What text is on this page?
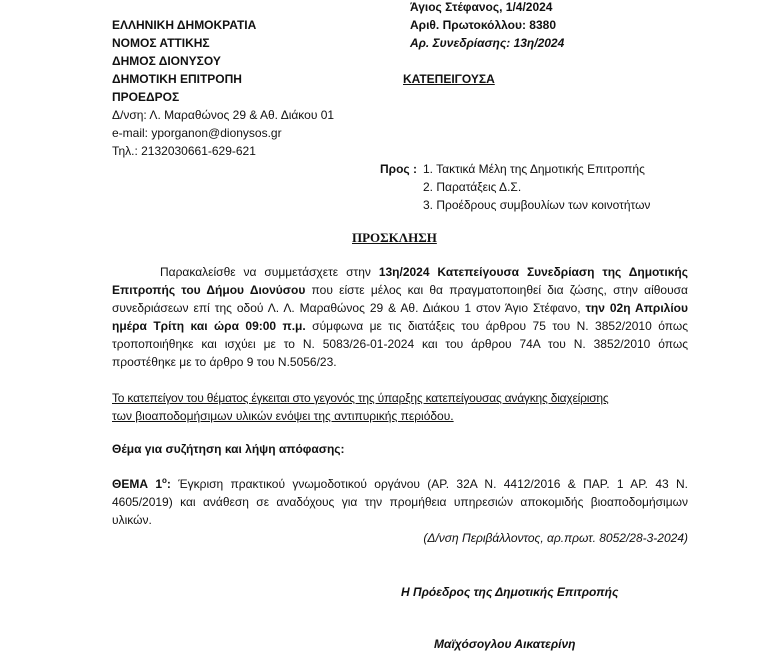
ΕΛΛΗΝΙΚΗ ΔΗΜΟΚΡΑΤΙΑ
ΝΟΜΟΣ ΑΤΤΙΚΗΣ
ΔΗΜΟΣ ΔΙΟΝΥΣΟΥ
ΔΗΜΟΤΙΚΗ ΕΠΙΤΡΟΠΗ
ΠΡΟΕΔΡΟΣ
Δ/νση: Λ. Μαραθώνος 29 & Αθ. Διάκου 01
e-mail: yporganon@dionysos.gr
Τηλ.: 2132030661-629-621
Άγιος Στέφανος, 1/4/2024
Αριθ. Πρωτοκόλλου: 8380
Αρ. Συνεδρίασης: 13η/2024
ΚΑΤΕΠΕΙΓΟΥΣΑ
Προς : 1. Τακτικά Μέλη της Δημοτικής Επιτροπής
2. Παρατάξεις Δ.Σ.
3. Προέδρους συμβουλίων των κοινοτήτων
ΠΡΟΣΚΛΗΣΗ
Παρακαλείσθε να συμμετάσχετε στην 13η/2024 Κατεπείγουσα Συνεδρίαση της Δημοτικής Επιτροπής του Δήμου Διονύσου που είστε μέλος και θα πραγματοποιηθεί δια ζώσης, στην αίθουσα συνεδριάσεων επί της οδού Λ. Λ. Μαραθώνος 29 & Αθ. Διάκου 1 στον Άγιο Στέφανο, την 02η Απριλίου ημέρα Τρίτη και ώρα 09:00 π.μ. σύμφωνα με τις διατάξεις του άρθρου 75 του Ν. 3852/2010 όπως τροποποιήθηκε και ισχύει με το Ν. 5083/26-01-2024 και του άρθρου 74Α του Ν. 3852/2010 όπως προστέθηκε με το άρθρο 9 του Ν.5056/23.
Το κατεπείγον του θέματος έγκειται στο γεγονός της ύπαρξης κατεπείγουσας ανάγκης διαχείρισης
των βιοαποδομήσιμων υλικών ενόψει της αντιπυρικής περιόδου.
Θέμα για συζήτηση και λήψη απόφασης:
ΘΕΜΑ $1^o$: Έγκριση πρακτικού γνωμοδοτικού οργάνου (ΑΡ. 32Α Ν. 4412/2016 & ΠΑΡ. 1 ΑΡ. 43 Ν. 4605/2019) και ανάθεση σε αναδόχους για την προμήθεια υπηρεσιών αποκομιδής βιοαποδομήσιμων υλικών.
(Δ/νση Περιβάλλοντος, αρ.πρωτ. 8052/28-3-2024)
Η Πρόεδρος της Δημοτικής Επιτροπής
Μαϊχόσογλου Αικατερίνη
